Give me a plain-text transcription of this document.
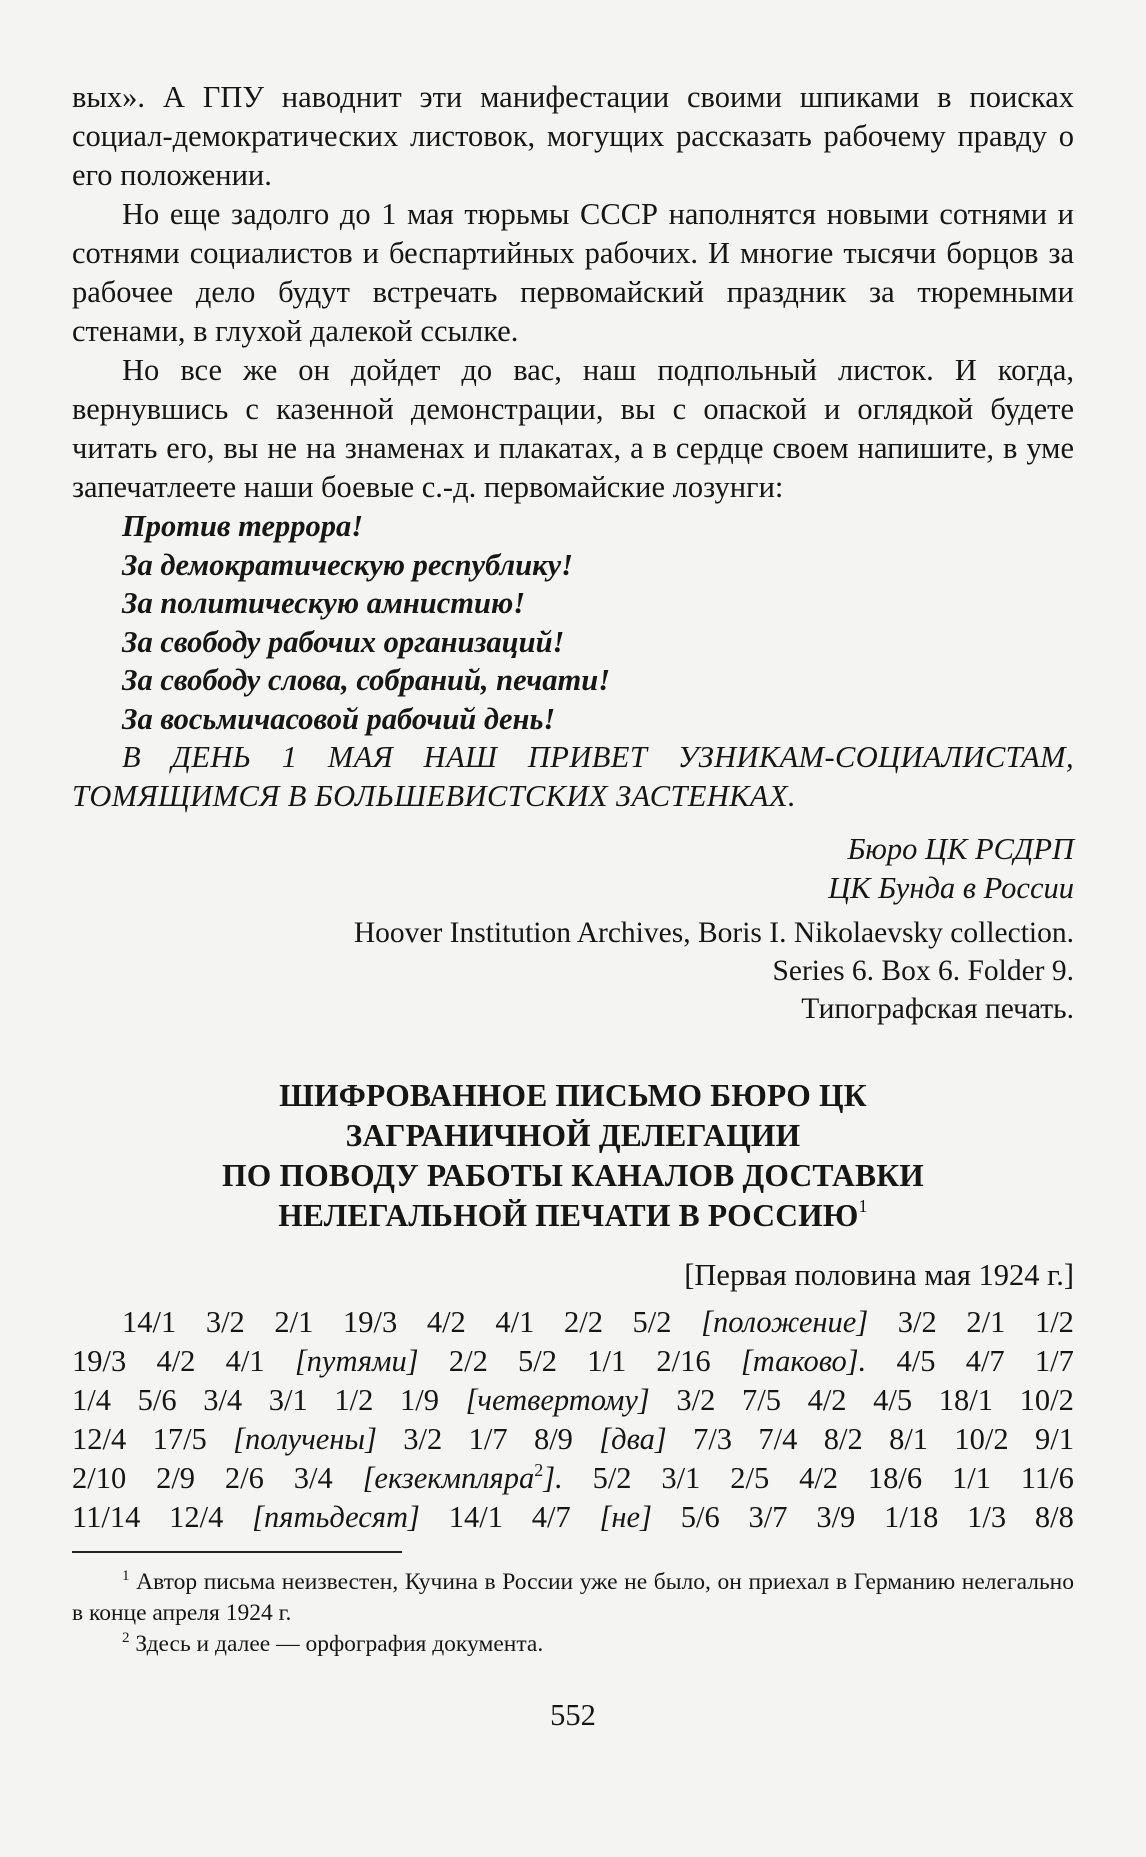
вых». А ГПУ наводнит эти манифестации своими шпиками в поисках социал-демократических листовок, могущих рассказать рабочему правду о его положении.

Но еще задолго до 1 мая тюрьмы СССР наполнятся новыми сотнями и сотнями социалистов и беспартийных рабочих. И многие тысячи борцов за рабочее дело будут встречать первомайский праздник за тюремными стенами, в глухой далекой ссылке.

Но все же он дойдет до вас, наш подпольный листок. И когда, вернувшись с казенной демонстрации, вы с опаской и оглядкой будете читать его, вы не на знаменах и плакатах, а в сердце своем напишите, в уме запечатлеете наши боевые с.-д. первомайские лозунги:

Против террора!
За демократическую республику!
За политическую амнистию!
За свободу рабочих организаций!
За свободу слова, собраний, печати!
За восьмичасовой рабочий день!

В ДЕНЬ 1 МАЯ НАШ ПРИВЕТ УЗНИКАМ-СОЦИАЛИСТАМ, ТОМЯЩИМСЯ В БОЛЬШЕВИСТСКИХ ЗАСТЕНКАХ.

Бюро ЦК РСДРП

ЦК Бунда в России

Hoover Institution Archives, Boris I. Nikolaevsky collection.

Series 6. Box 6. Folder 9.

Типографская печать.

ШИФРОВАННОЕ ПИСЬМО БЮРО ЦК
ЗАГРАНИЧНОЙ ДЕЛЕГАЦИИ
ПО ПОВОДУ РАБОТЫ КАНАЛОВ ДОСТАВКИ
НЕЛЕГАЛЬНОЙ ПЕЧАТИ В РОССИЮ$^1$

[Первая половина мая 1924 г.]

14/1 3/2 2/1 19/3 4/2 4/1 2/2 5/2 [положение] 3/2 2/1 1/2
19/3 4/2 4/1 [путями] 2/2 5/2 1/1 2/16 [таково]. 4/5 4/7 1/7
1/4 5/6 3/4 3/1 1/2 1/9 [четвертому] 3/2 7/5 4/2 4/5 18/1 10/2
12/4 17/5 [получены] 3/2 1/7 8/9 [два] 7/3 7/4 8/2 8/1 10/2 9/1
2/10 2/9 2/6 3/4 [екзекмпляра$^2$]. 5/2 3/1 2/5 4/2 18/6 1/1 11/6
11/14 12/4 [пятьдесят] 14/1 4/7 [не] 5/6 3/7 3/9 1/18 1/3 8/8

$^1$ Автор письма неизвестен, Кучина в России уже не было, он приехал в Германию нелегально в конце апреля 1924 г.

$^2$ Здесь и далее — орфография документа.

552
